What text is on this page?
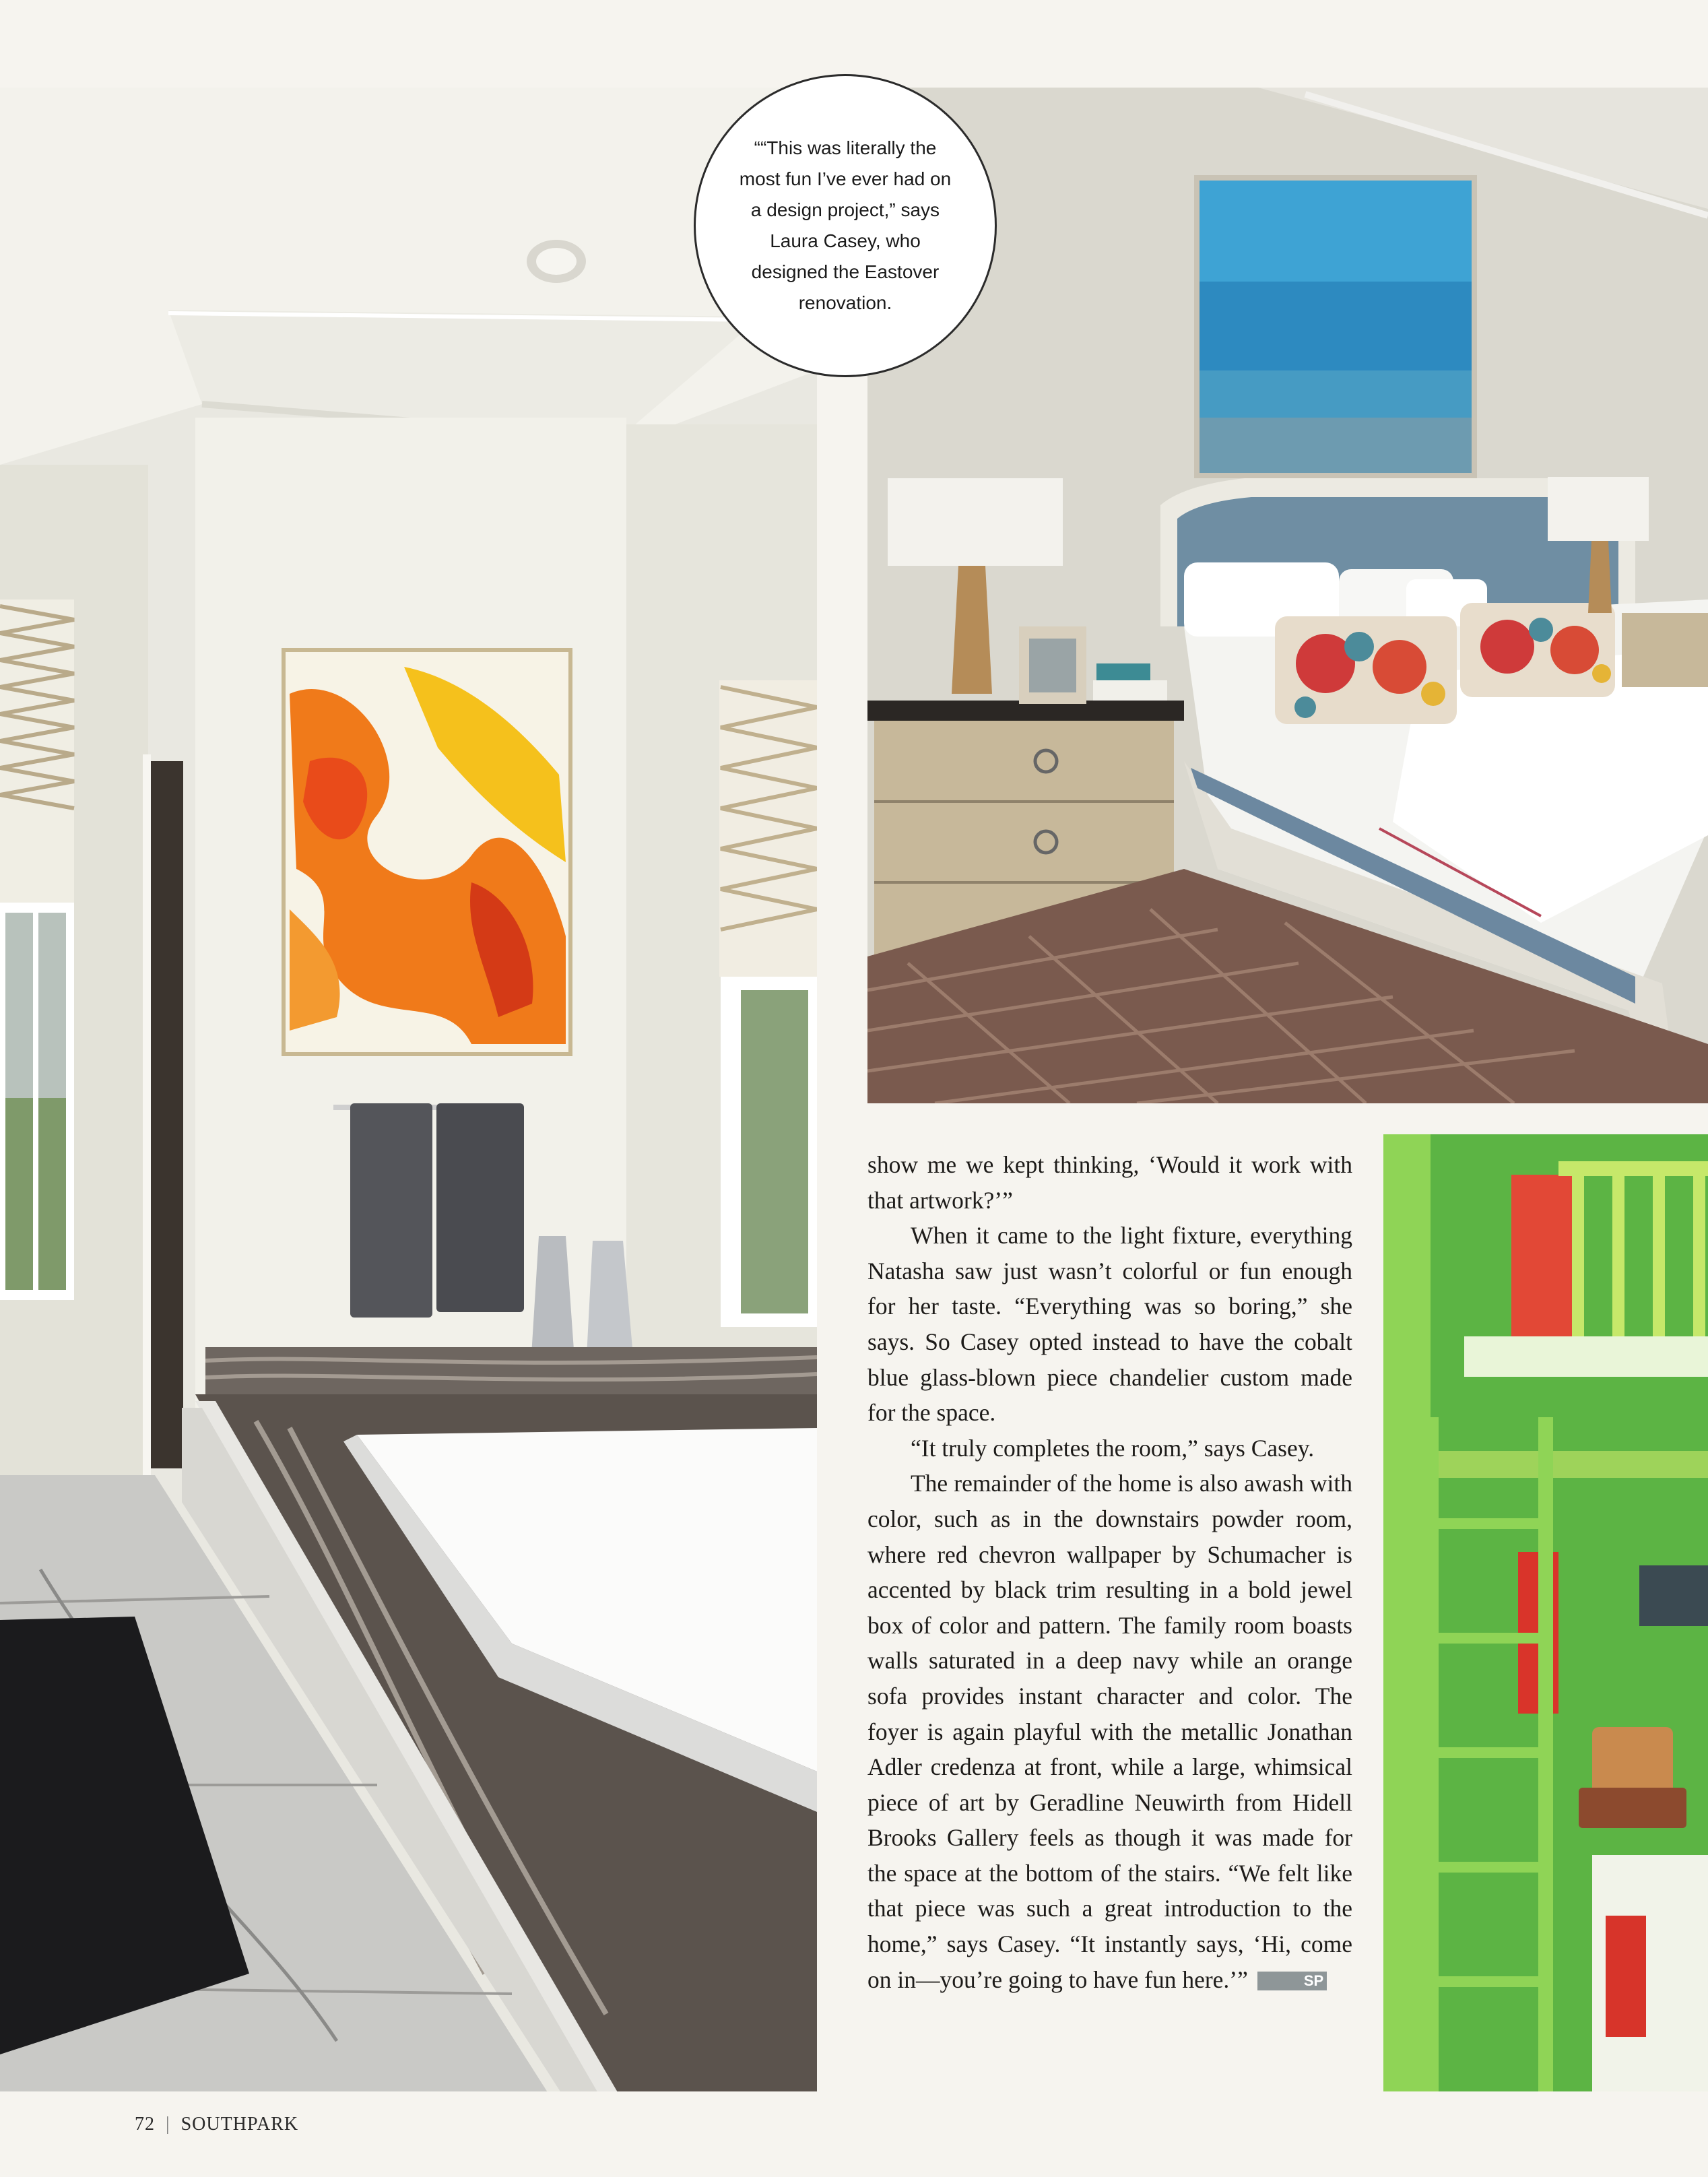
““This was literally the most fun I’ve ever had on a design project,” says Laura Casey, who designed the Eastover renovation.

show me we kept thinking, ‘Would it work with that artwork?’”

When it came to the light fixture, everything Natasha saw just wasn’t colorful or fun enough for her taste. “Everything was so boring,” she says. So Casey opted instead to have the cobalt blue glass-blown piece chandelier custom made for the space.

“It truly completes the room,” says Casey.

The remainder of the home is also awash with color, such as in the downstairs powder room, where red chevron wallpaper by Schumacher is accented by black trim resulting in a bold jewel box of color and pattern. The family room boasts walls saturated in a deep navy while an orange sofa provides instant character and color. The foyer is again playful with the metallic Jonathan Adler credenza at front, while a large, whimsical piece of art by Geradline Neuwirth from Hidell Brooks Gallery feels as though it was made for the space at the bottom of the stairs. “We felt like that piece was such a great introduction to the home,” says Casey. “It instantly says, ‘Hi, come on in—you’re going to have fun here.’”	SP

72 | SOUTHPARK
